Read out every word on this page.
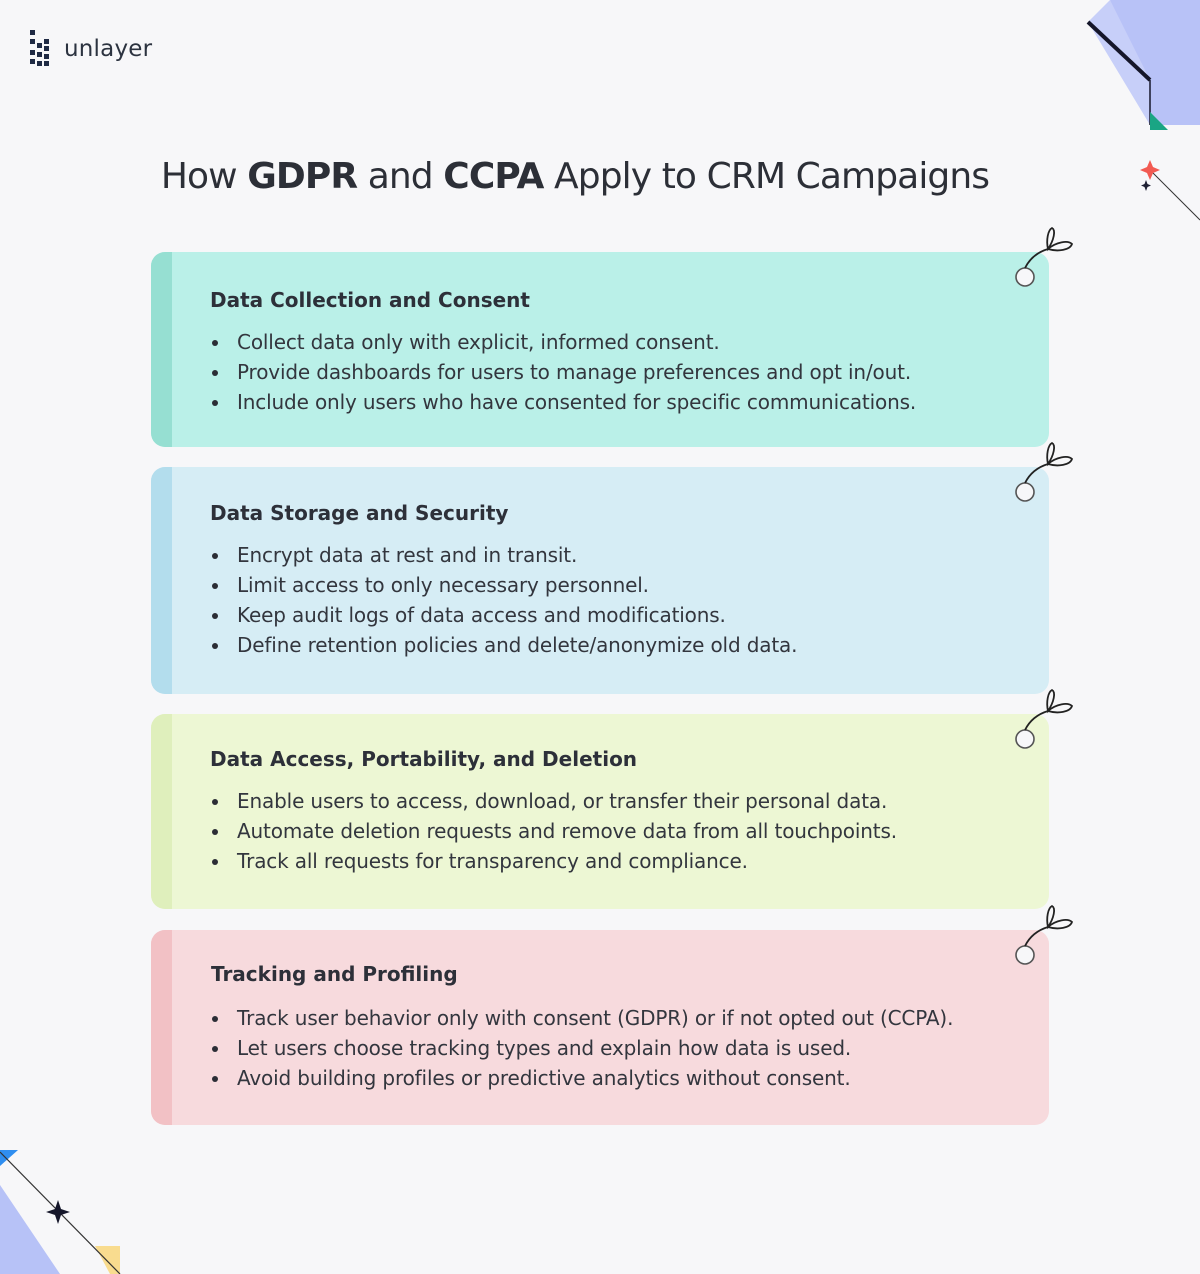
unlayer
How GDPR and CCPA Apply to CRM Campaigns
Data Collection and Consent
Collect data only with explicit, informed consent.
Provide dashboards for users to manage preferences and opt in/out.
Include only users who have consented for specific communications.
Data Storage and Security
Encrypt data at rest and in transit.
Limit access to only necessary personnel.
Keep audit logs of data access and modifications.
Define retention policies and delete/anonymize old data.
Data Access, Portability, and Deletion
Enable users to access, download, or transfer their personal data.
Automate deletion requests and remove data from all touchpoints.
Track all requests for transparency and compliance.
Tracking and Profiling
Track user behavior only with consent (GDPR) or if not opted out (CCPA).
Let users choose tracking types and explain how data is used.
Avoid building profiles or predictive analytics without consent.
